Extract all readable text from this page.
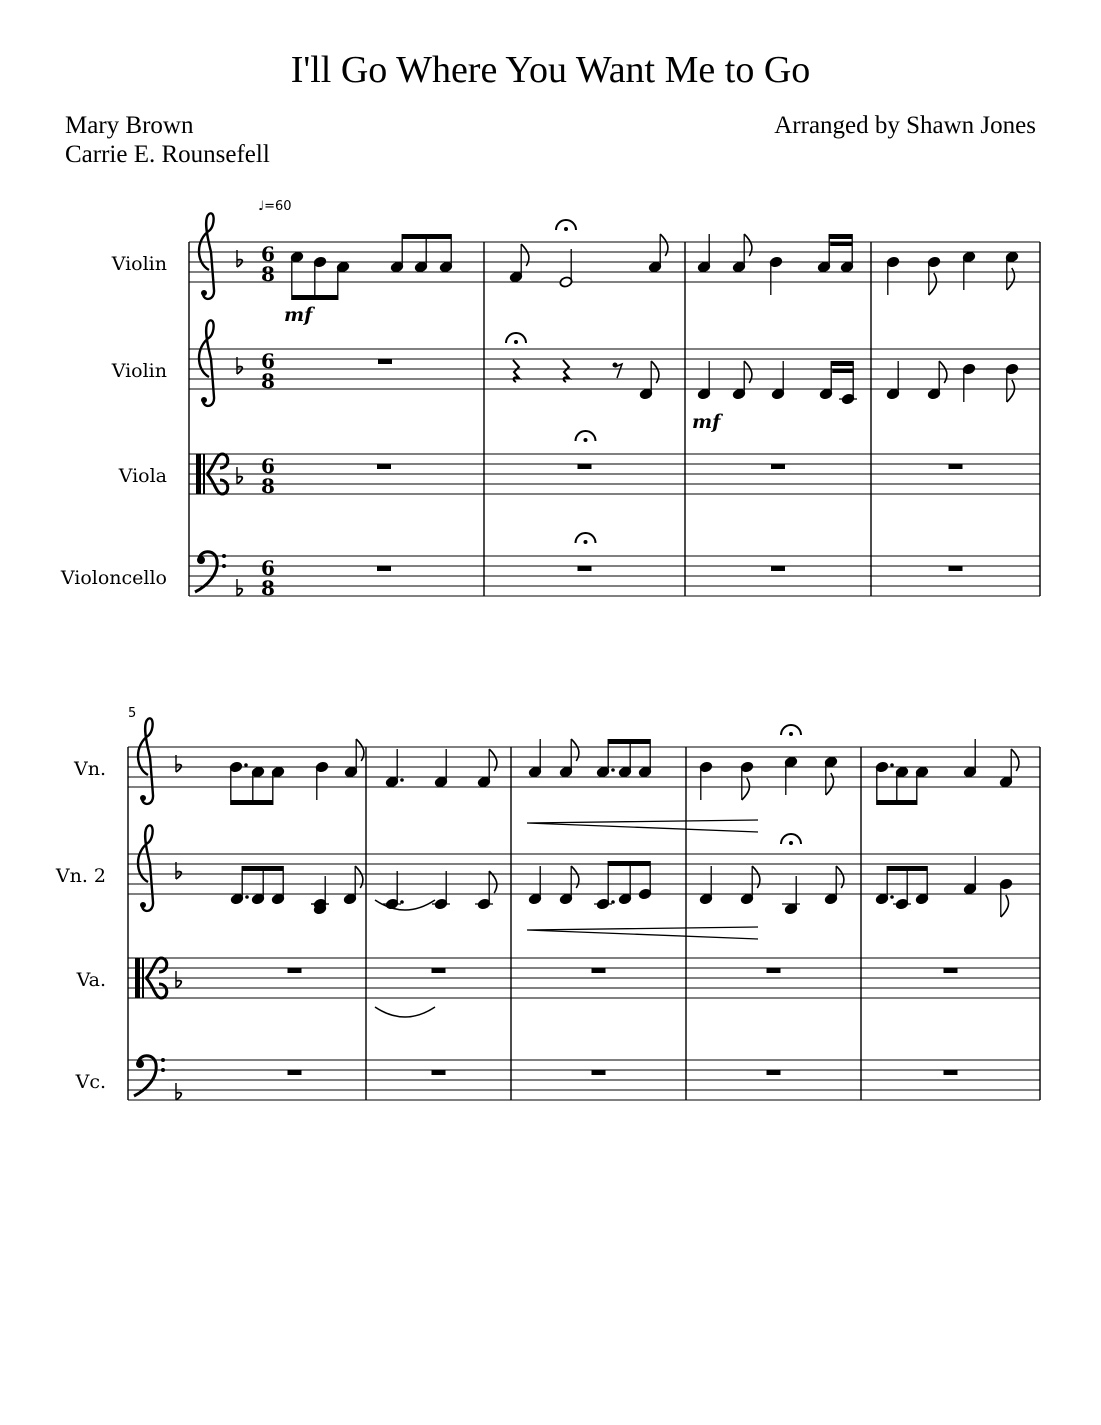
I'll Go Where You Want Me to Go
Mary Brown
Carrie E. Rounsefell
Arranged by Shawn Jones
♩=60
5
Violin
Violin
Viola
Violoncello
Vn.
Vn. 2
Va.
Vc.
6
8
6
8
6
8
6
8
mf
mf
